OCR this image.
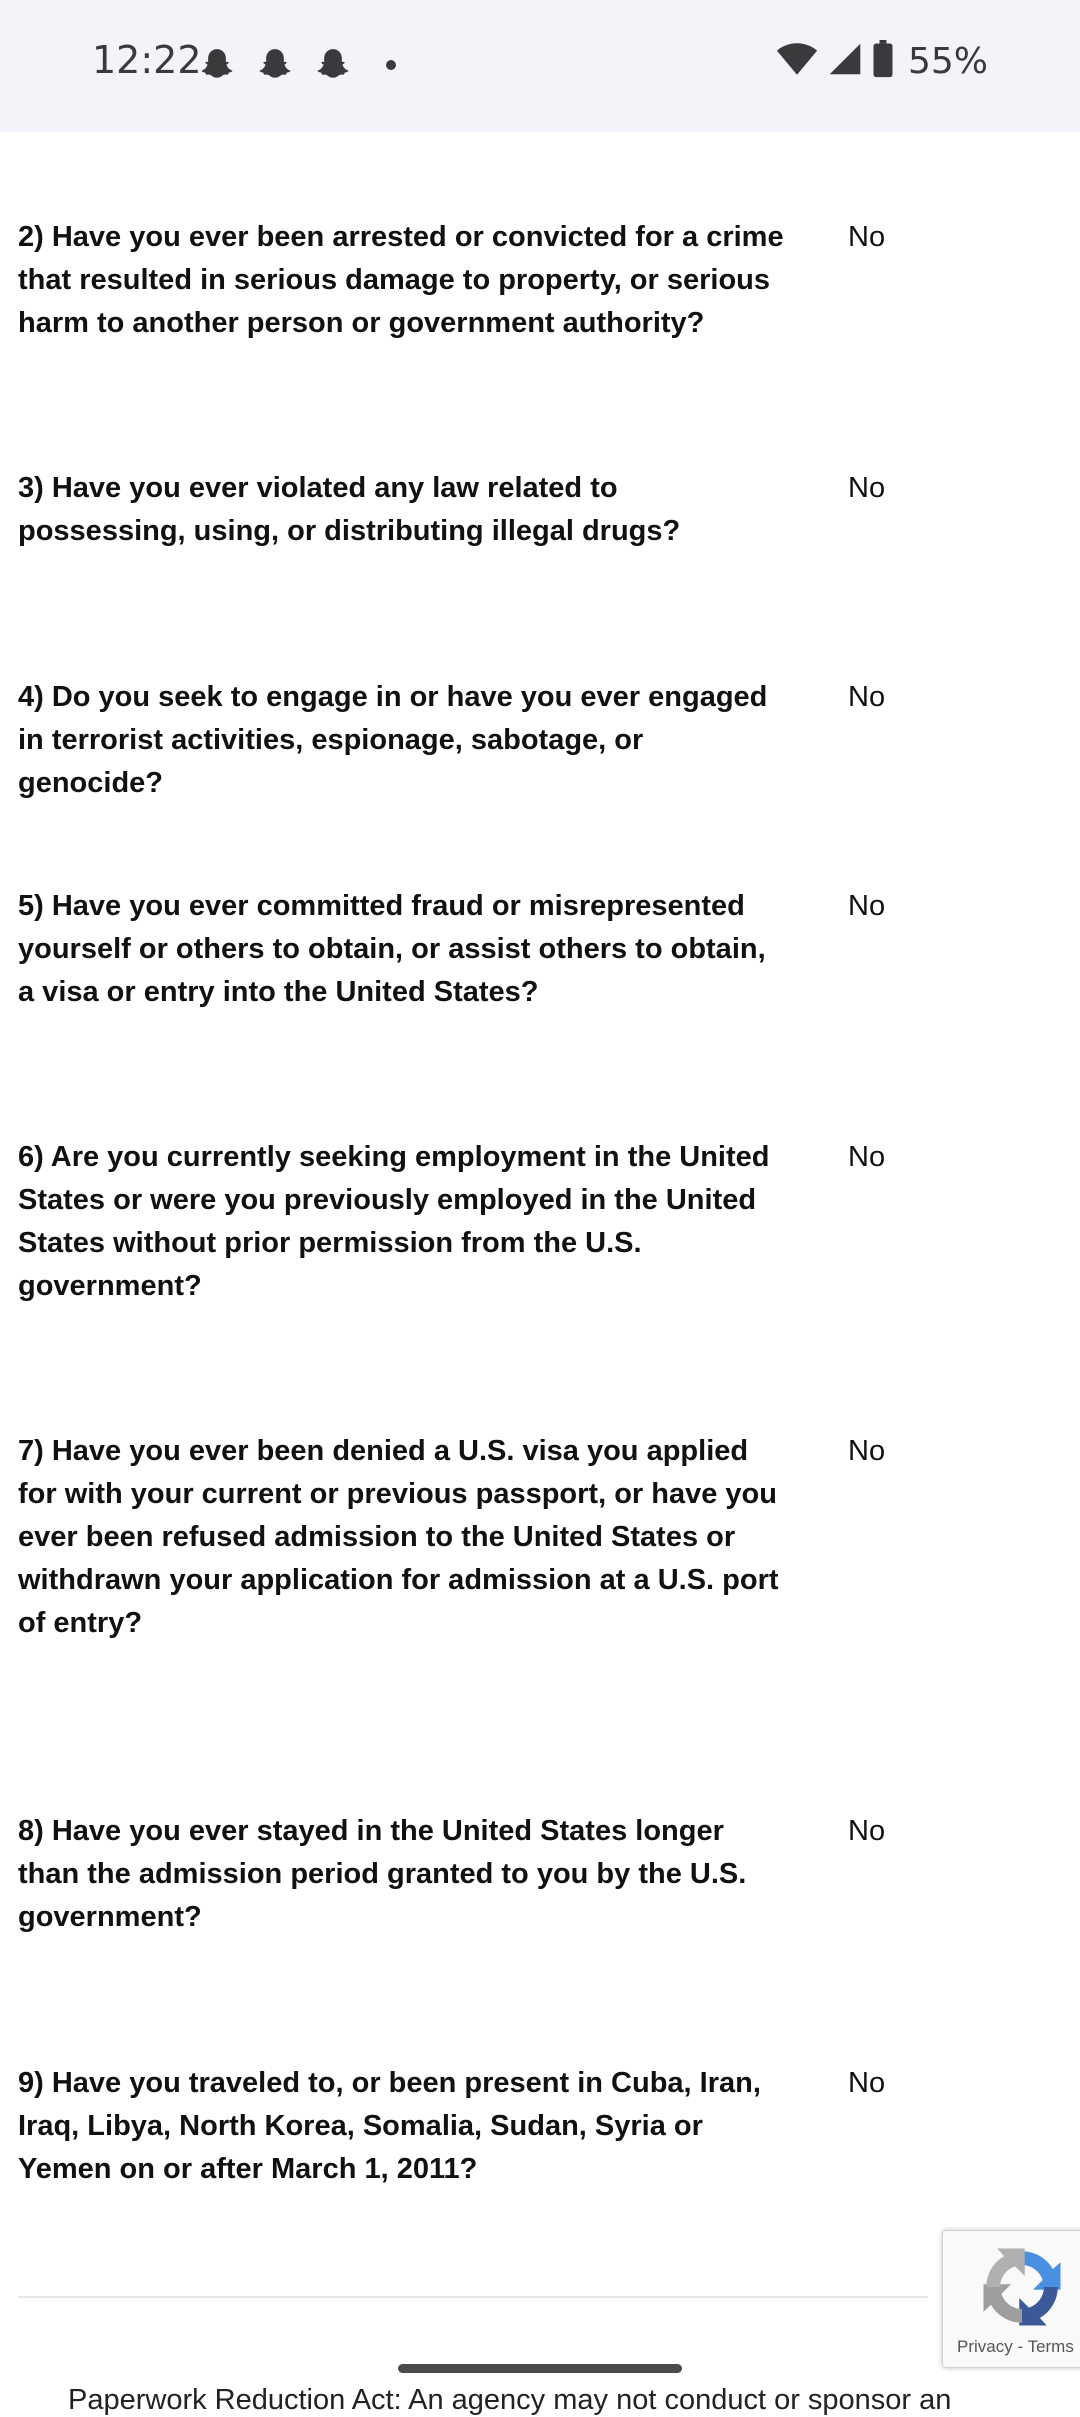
12:22	55%
2) Have you ever been arrested or convicted for a crime that resulted in serious damage to property, or serious harm to another person or government authority?
No
3) Have you ever violated any law related to possessing, using, or distributing illegal drugs?
No
4) Do you seek to engage in or have you ever engaged in terrorist activities, espionage, sabotage, or genocide?
No
5) Have you ever committed fraud or misrepresented yourself or others to obtain, or assist others to obtain, a visa or entry into the United States?
No
6) Are you currently seeking employment in the United States or were you previously employed in the United States without prior permission from the U.S. government?
No
7) Have you ever been denied a U.S. visa you applied for with your current or previous passport, or have you ever been refused admission to the United States or withdrawn your application for admission at a U.S. port of entry?
No
8) Have you ever stayed in the United States longer than the admission period granted to you by the U.S. government?
No
9) Have you traveled to, or been present in Cuba, Iran, Iraq, Libya, North Korea, Somalia, Sudan, Syria or Yemen on or after March 1, 2011?
No
Paperwork Reduction Act: An agency may not conduct or sponsor an
Privacy - Terms
